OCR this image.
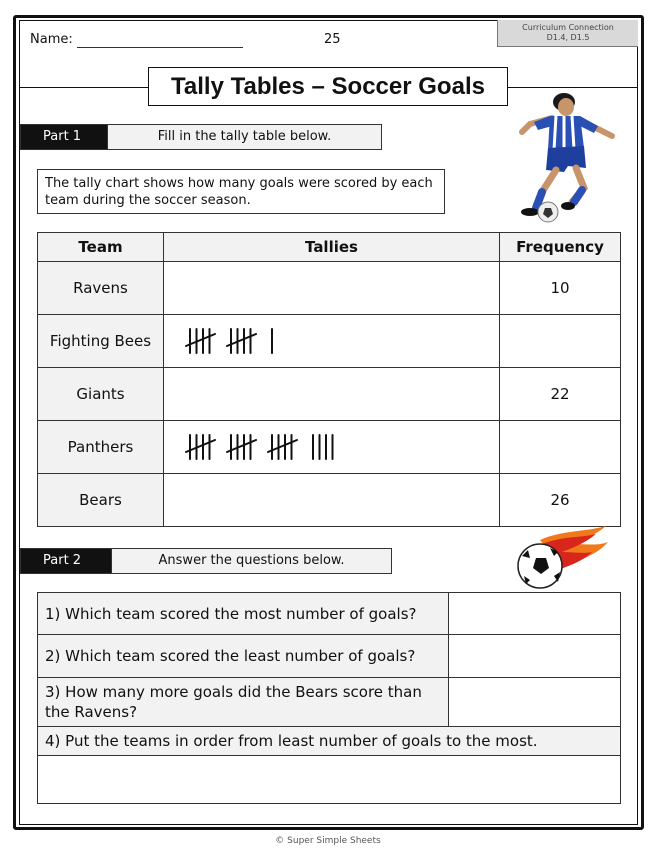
Name:	25
Curriculum Connection
D1.4, D1.5
Tally Tables – Soccer Goals
Part 1	Fill in the tally table below.
The tally chart shows how many goals were scored by each team during the soccer season.
Team	Tallies	Frequency
Ravens		10
Fighting Bees		
Giants		22
Panthers		
Bears		26
Part 2	Answer the questions below.
1) Which team scored the most number of goals?	
2) Which team scored the least number of goals?	
3) How many more goals did the Bears score than the Ravens?	
4) Put the teams in order from least number of goals to the most.	

© Super Simple Sheets
